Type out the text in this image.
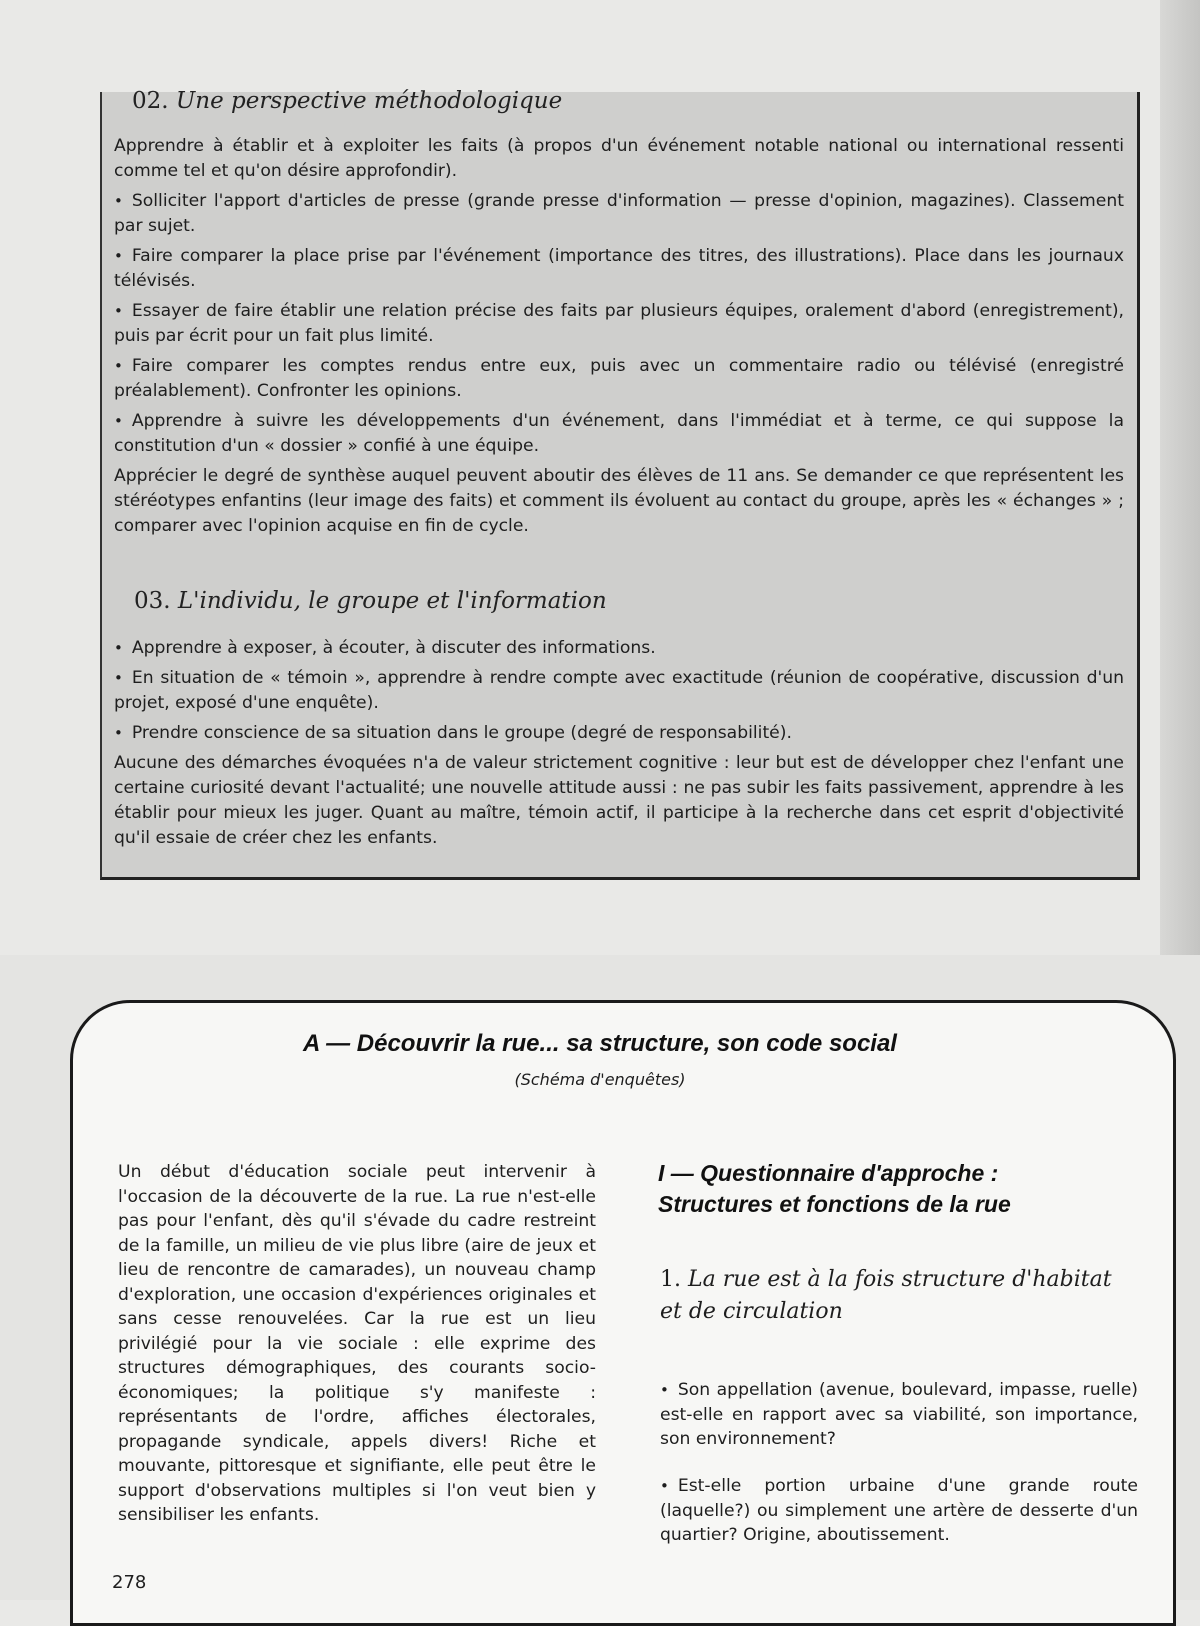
02. Une perspective méthodologique

Apprendre à établir et à exploiter les faits (à propos d'un événement notable national ou international ressenti comme tel et qu'on désire approfondir).

• Solliciter l'apport d'articles de presse (grande presse d'information — presse d'opinion, magazines). Classement par sujet.

• Faire comparer la place prise par l'événement (importance des titres, des illustrations). Place dans les journaux télévisés.

• Essayer de faire établir une relation précise des faits par plusieurs équipes, oralement d'abord (enregistrement), puis par écrit pour un fait plus limité.

• Faire comparer les comptes rendus entre eux, puis avec un commentaire radio ou télévisé (enregistré préalablement). Confronter les opinions.

• Apprendre à suivre les développements d'un événement, dans l'immédiat et à terme, ce qui suppose la constitution d'un « dossier » confié à une équipe.

Apprécier le degré de synthèse auquel peuvent aboutir des élèves de 11 ans. Se demander ce que représentent les stéréotypes enfantins (leur image des faits) et comment ils évoluent au contact du groupe, après les « échanges » ; comparer avec l'opinion acquise en fin de cycle.

03. L'individu, le groupe et l'information

• Apprendre à exposer, à écouter, à discuter des informations.

• En situation de « témoin », apprendre à rendre compte avec exactitude (réunion de coopérative, discussion d'un projet, exposé d'une enquête).

• Prendre conscience de sa situation dans le groupe (degré de responsabilité).

Aucune des démarches évoquées n'a de valeur strictement cognitive : leur but est de développer chez l'enfant une certaine curiosité devant l'actualité; une nouvelle attitude aussi : ne pas subir les faits passivement, apprendre à les établir pour mieux les juger. Quant au maître, témoin actif, il participe à la recherche dans cet esprit d'objectivité qu'il essaie de créer chez les enfants.

A — Découvrir la rue... sa structure, son code social
(Schéma d'enquêtes)
Un début d'éducation sociale peut intervenir à l'occasion de la découverte de la rue. La rue n'est-elle pas pour l'enfant, dès qu'il s'évade du cadre restreint de la famille, un milieu de vie plus libre (aire de jeux et lieu de rencontre de camarades), un nouveau champ d'exploration, une occasion d'expériences originales et sans cesse renouvelées. Car la rue est un lieu privilégié pour la vie sociale : elle exprime des structures démographiques, des courants socio-économiques; la politique s'y manifeste : représentants de l'ordre, affiches électorales, propagande syndicale, appels divers! Riche et mouvante, pittoresque et signifiante, elle peut être le support d'observations multiples si l'on veut bien y sensibiliser les enfants.
I — Questionnaire d'approche :
Structures et fonctions de la rue
1. La rue est à la fois structure d'habitat et de circulation
• Son appellation (avenue, boulevard, impasse, ruelle) est-elle en rapport avec sa viabilité, son importance, son environnement?
• Est-elle portion urbaine d'une grande route (laquelle?) ou simplement une artère de desserte d'un quartier? Origine, aboutissement.
278
